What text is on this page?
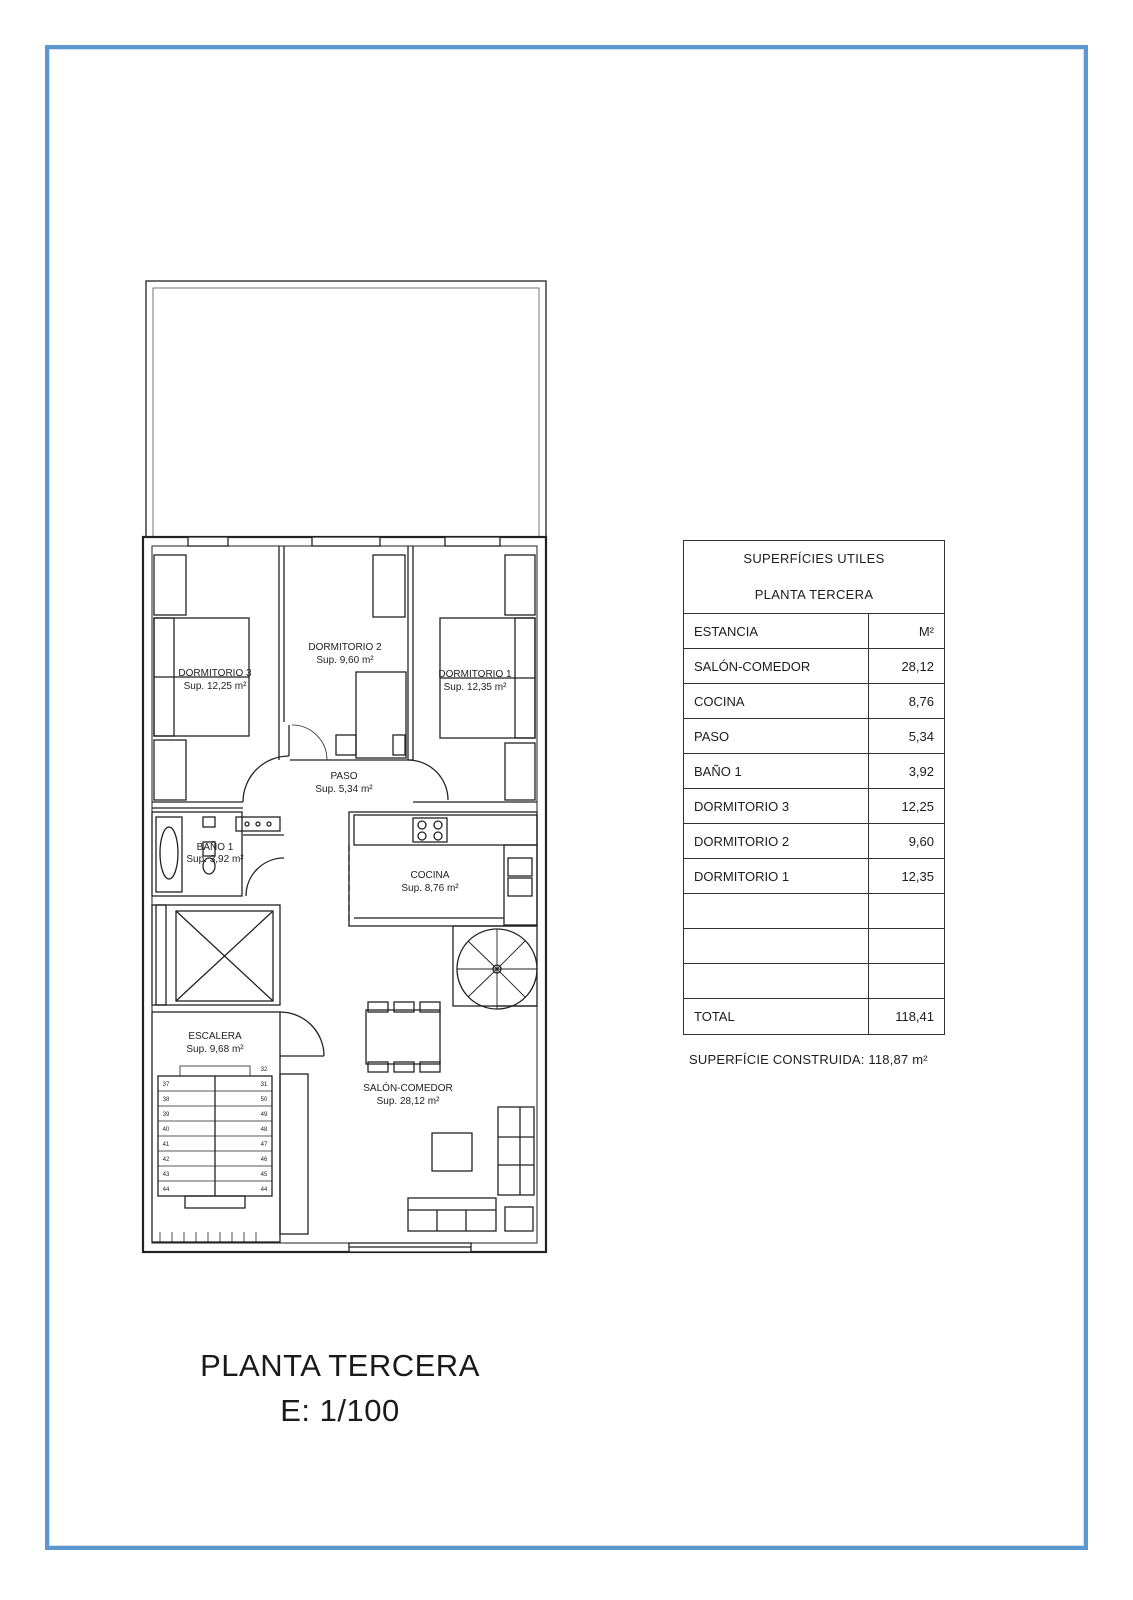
DORMITORIO 3
Sup. 12,25 m²
DORMITORIO 2
Sup. 9,60 m²
DORMITORIO 1
Sup. 12,35 m²
PASO
Sup. 5,34 m²
BAÑO 1
Sup. 3,92 m²
COCINA
Sup. 8,76 m²
ESCALERA
Sup. 9,68 m²
SALÓN-COMEDOR
Sup. 28,12 m²
32
37
38
39
40
41
42
43
44
31
50
49
48
47
46
45
44
SUPERFÍCIES UTILES
PLANTA TERCERA
ESTANCIA	M²
SALÓN-COMEDOR	28,12
COCINA	8,76
PASO	5,34
BAÑO 1	3,92
DORMITORIO 3	12,25
DORMITORIO 2	9,60
DORMITORIO 1	12,35

TOTAL	118,41
SUPERFÍCIE CONSTRUIDA: 118,87 m²
PLANTA TERCERA
E: 1/100
